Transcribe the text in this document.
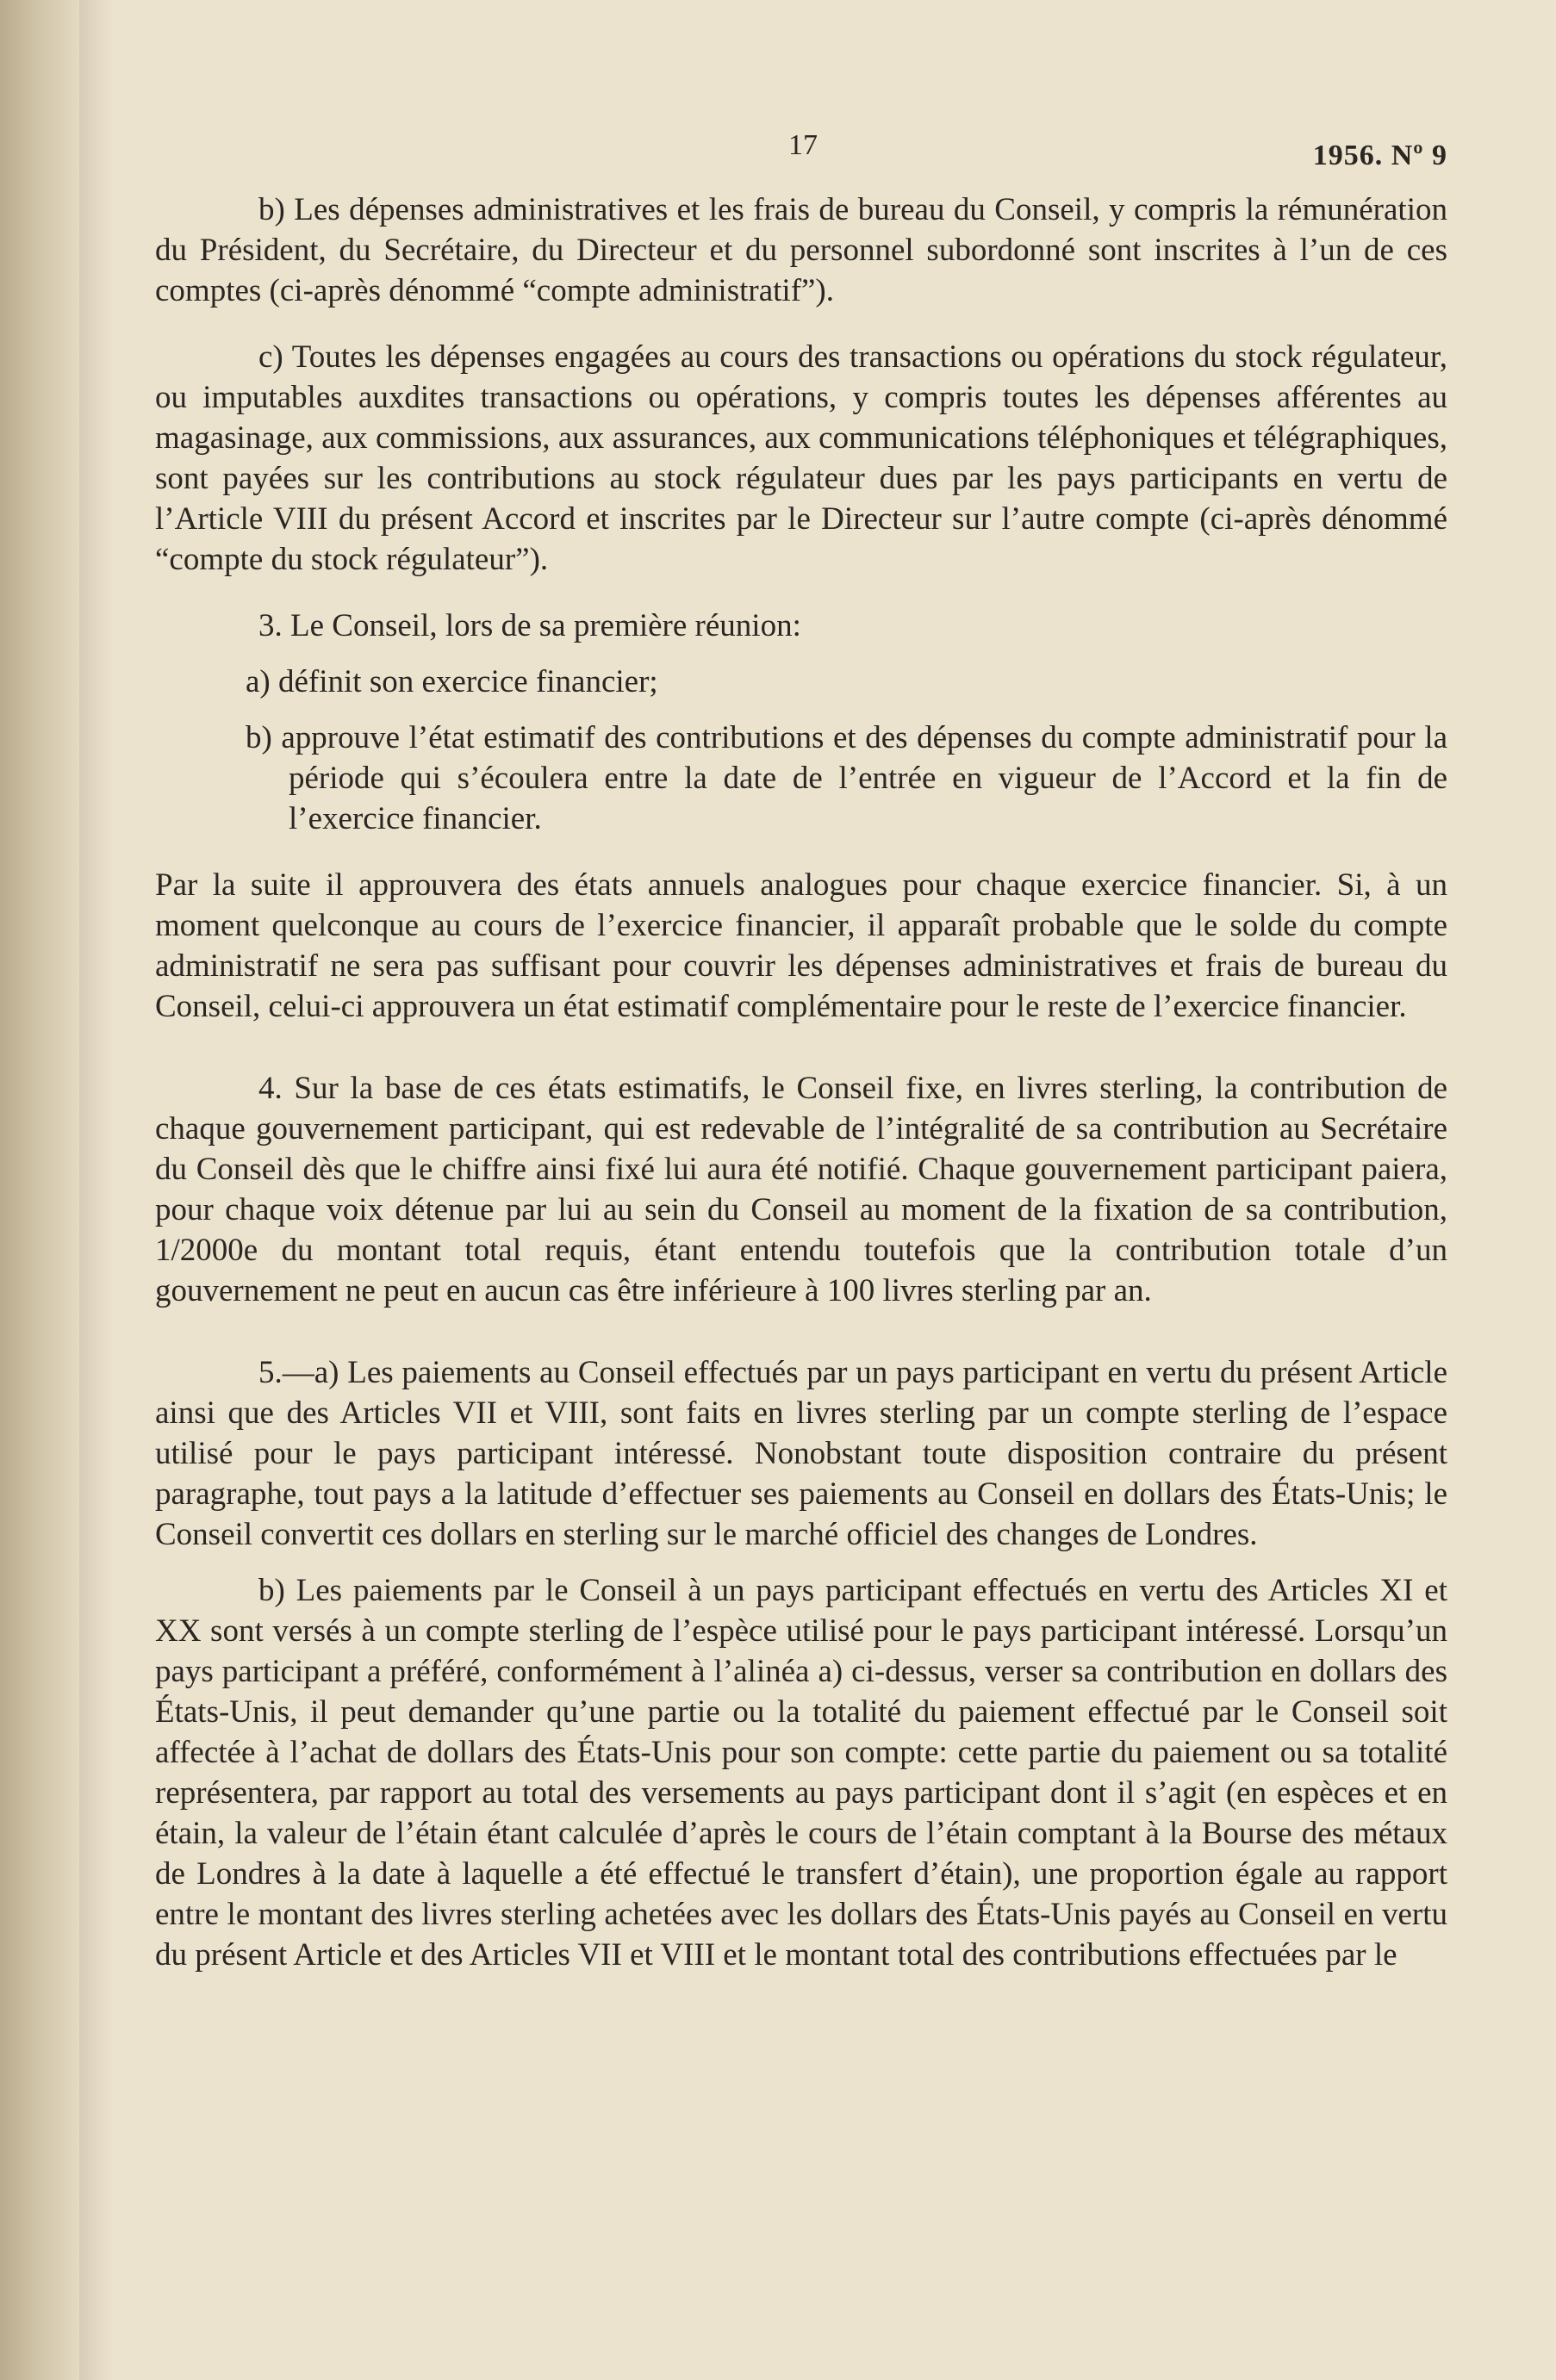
17	1956. Nº 9

b) Les dépenses administratives et les frais de bureau du Conseil, y compris la rémunération du Président, du Secrétaire, du Directeur et du personnel subordonné sont inscrites à l’un de ces comptes (ci-après dénommé “compte administratif”).

c) Toutes les dépenses engagées au cours des transactions ou opérations du stock régulateur, ou imputables auxdites transactions ou opérations, y compris toutes les dépenses afférentes au magasinage, aux commissions, aux assurances, aux communications téléphoniques et télégraphiques, sont payées sur les contributions au stock régulateur dues par les pays participants en vertu de l’Article VIII du présent Accord et inscrites par le Directeur sur l’autre compte (ci-après dénommé “compte du stock régulateur”).

3. Le Conseil, lors de sa première réunion:

a) définit son exercice financier;

b) approuve l’état estimatif des contributions et des dépenses du compte administratif pour la période qui s’écoulera entre la date de l’entrée en vigueur de l’Accord et la fin de l’exercice financier.

Par la suite il approuvera des états annuels analogues pour chaque exercice financier. Si, à un moment quelconque au cours de l’exercice financier, il apparaît probable que le solde du compte administratif ne sera pas suffisant pour couvrir les dépenses administratives et frais de bureau du Conseil, celui-ci approuvera un état estimatif complémentaire pour le reste de l’exercice financier.

4. Sur la base de ces états estimatifs, le Conseil fixe, en livres sterling, la contribution de chaque gouvernement participant, qui est redevable de l’intégralité de sa contribution au Secrétaire du Conseil dès que le chiffre ainsi fixé lui aura été notifié. Chaque gouvernement participant paiera, pour chaque voix détenue par lui au sein du Conseil au moment de la fixation de sa contribution, 1/2000e du montant total requis, étant entendu toutefois que la contribution totale d’un gouvernement ne peut en aucun cas être inférieure à 100 livres sterling par an.

5.—a) Les paiements au Conseil effectués par un pays participant en vertu du présent Article ainsi que des Articles VII et VIII, sont faits en livres sterling par un compte sterling de l’espace utilisé pour le pays participant intéressé. Nonobstant toute disposition contraire du présent paragraphe, tout pays a la latitude d’effectuer ses paiements au Conseil en dollars des États-Unis; le Conseil convertit ces dollars en sterling sur le marché officiel des changes de Londres.

b) Les paiements par le Conseil à un pays participant effectués en vertu des Articles XI et XX sont versés à un compte sterling de l’espèce utilisé pour le pays participant intéressé. Lorsqu’un pays participant a préféré, conformément à l’alinéa a) ci-dessus, verser sa contribution en dollars des États-Unis, il peut demander qu’une partie ou la totalité du paiement effectué par le Conseil soit affectée à l’achat de dollars des États-Unis pour son compte: cette partie du paiement ou sa totalité représentera, par rapport au total des versements au pays participant dont il s’agit (en espèces et en étain, la valeur de l’étain étant calculée d’après le cours de l’étain comptant à la Bourse des métaux de Londres à la date à laquelle a été effectué le transfert d’étain), une proportion égale au rapport entre le montant des livres sterling achetées avec les dollars des États-Unis payés au Conseil en vertu du présent Article et des Articles VII et VIII et le montant total des contributions effectuées par le
